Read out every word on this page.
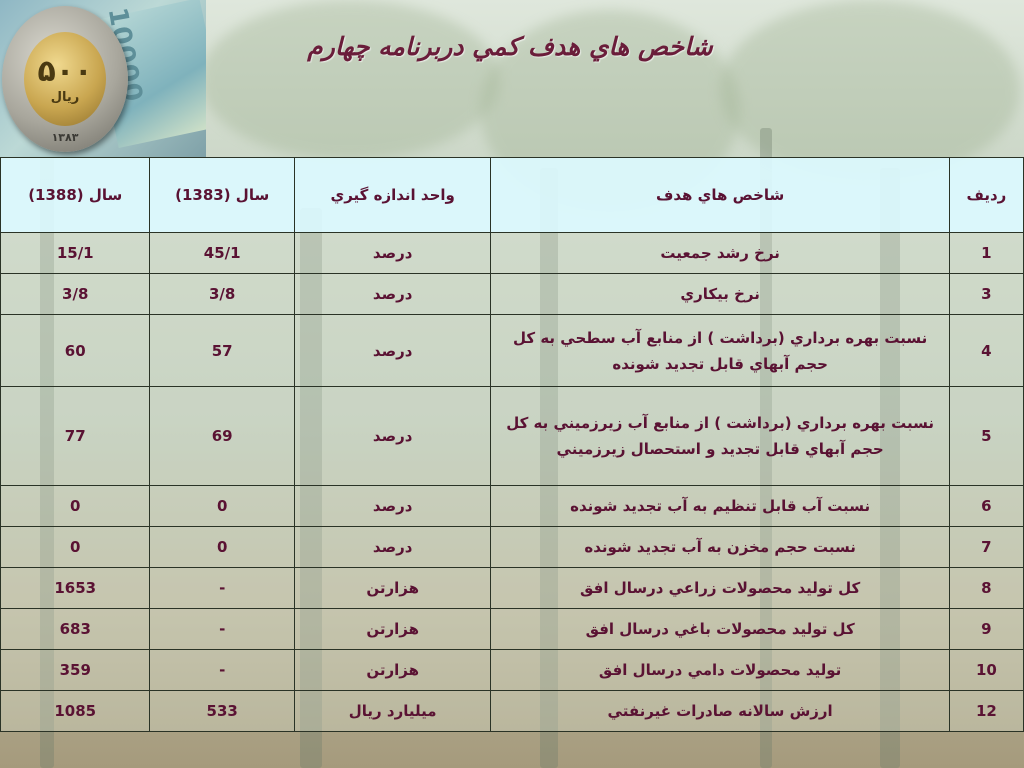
۵۰۰
ريال
۱۳۸۳
شاخص هاي هدف كمي دربرنامه چهارم
رديف	شاخص هاي هدف	واحد اندازه گيري	سال (1383)	سال (1388)
1	نرخ رشد جمعيت	درصد	45/1	15/1
3	نرخ بيكاري	درصد	3/8	3/8
4	نسبت بهره برداري (برداشت ) از منابع آب سطحي به كل حجم آبهاي قابل تجديد شونده	درصد	57	60
5	نسبت بهره برداري (برداشت ) از منابع آب زيرزميني به كل حجم آبهاي قابل تجديد و استحصال زيرزميني	درصد	69	77
6	نسبت آب قابل تنظيم به آب تجديد شونده	درصد	0	0
7	نسبت حجم مخزن به آب تجديد شونده	درصد	0	0
8	كل توليد محصولات زراعي درسال افق	هزارتن	-	1653
9	كل توليد محصولات باغي درسال افق	هزارتن	-	683
10	توليد محصولات دامي درسال افق	هزارتن	-	359
12	ارزش سالانه صادرات غيرنفتي	ميليارد ريال	533	1085
